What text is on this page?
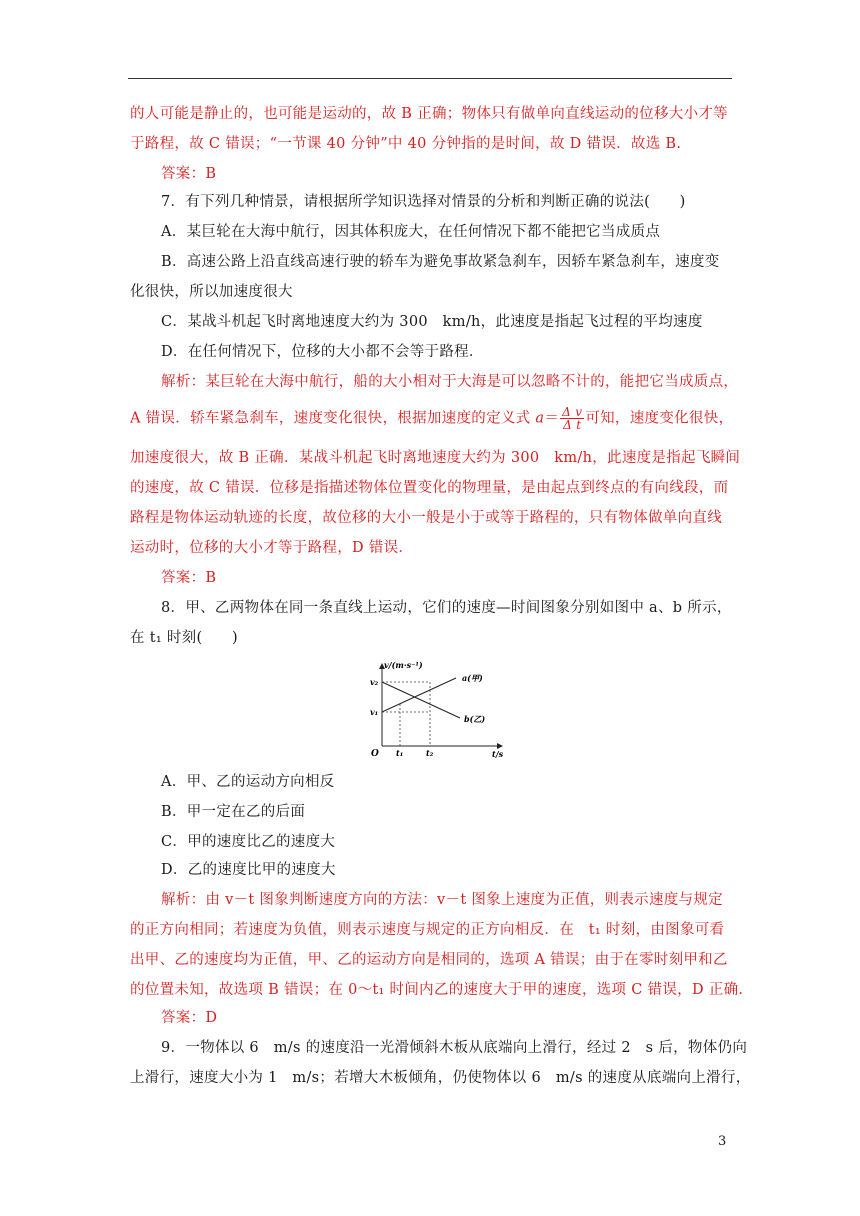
的人可能是静止的，也可能是运动的，故 B 正确；物体只有做单向直线运动的位移大小才等
于路程，故 C 错误；“一节课 40 分钟”中 40 分钟指的是时间，故 D 错误．故选 B.
答案：B
7．有下列几种情景，请根据所学知识选择对情景的分析和判断正确的说法(　　)
A．某巨轮在大海中航行，因其体积庞大，在任何情况下都不能把它当成质点
B．高速公路上沿直线高速行驶的轿车为避免事故紧急刹车，因轿车紧急刹车，速度变
化很快，所以加速度很大
C．某战斗机起飞时离地速度大约为 300　km/h，此速度是指起飞过程的平均速度
D．在任何情况下，位移的大小都不会等于路程．
解析：某巨轮在大海中航行，船的大小相对于大海是可以忽略不计的，能把它当成质点，
A 错误．轿车紧急刹车，速度变化很快，根据加速度的定义式 $a= \frac{\text{Δ v}}{\text{Δ t}}$ 可知，速度变化很快，
加速度很大，故 B 正确．某战斗机起飞时离地速度大约为 300　km/h，此速度是指起飞瞬间
的速度，故 C 错误．位移是指描述物体位置变化的物理量，是由起点到终点的有向线段，而
路程是物体运动轨迹的长度，故位移的大小一般是小于或等于路程的，只有物体做单向直线
运动时，位移的大小才等于路程，D 错误．
答案：B
8．甲、乙两物体在同一条直线上运动，它们的速度—时间图象分别如图中 a、b 所示，
在 t₁ 时刻(　　)
A．甲、乙的运动方向相反
B．甲一定在乙的后面
C．甲的速度比乙的速度大
D．乙的速度比甲的速度大
解析：由 v－t 图象判断速度方向的方法：v－t 图象上速度为正值，则表示速度与规定
的正方向相同；若速度为负值，则表示速度与规定的正方向相反．在　t₁ 时刻，由图象可看
出甲、乙的速度均为正值，甲、乙的运动方向是相同的，选项 A 错误；由于在零时刻甲和乙
的位置未知，故选项 B 错误；在 0～t₁ 时间内乙的速度大于甲的速度，选项 C 错误，D 正确.
答案：D
9．一物体以 6　m/s 的速度沿一光滑倾斜木板从底端向上滑行，经过 2　s 后，物体仍向
上滑行，速度大小为 1　m/s；若增大木板倾角，仍使物体以 6　m/s 的速度从底端向上滑行，
v/(m·s⁻¹)
t/s
O
v₂
v₁
t₁	t₂
a(甲)
b(乙)
3
